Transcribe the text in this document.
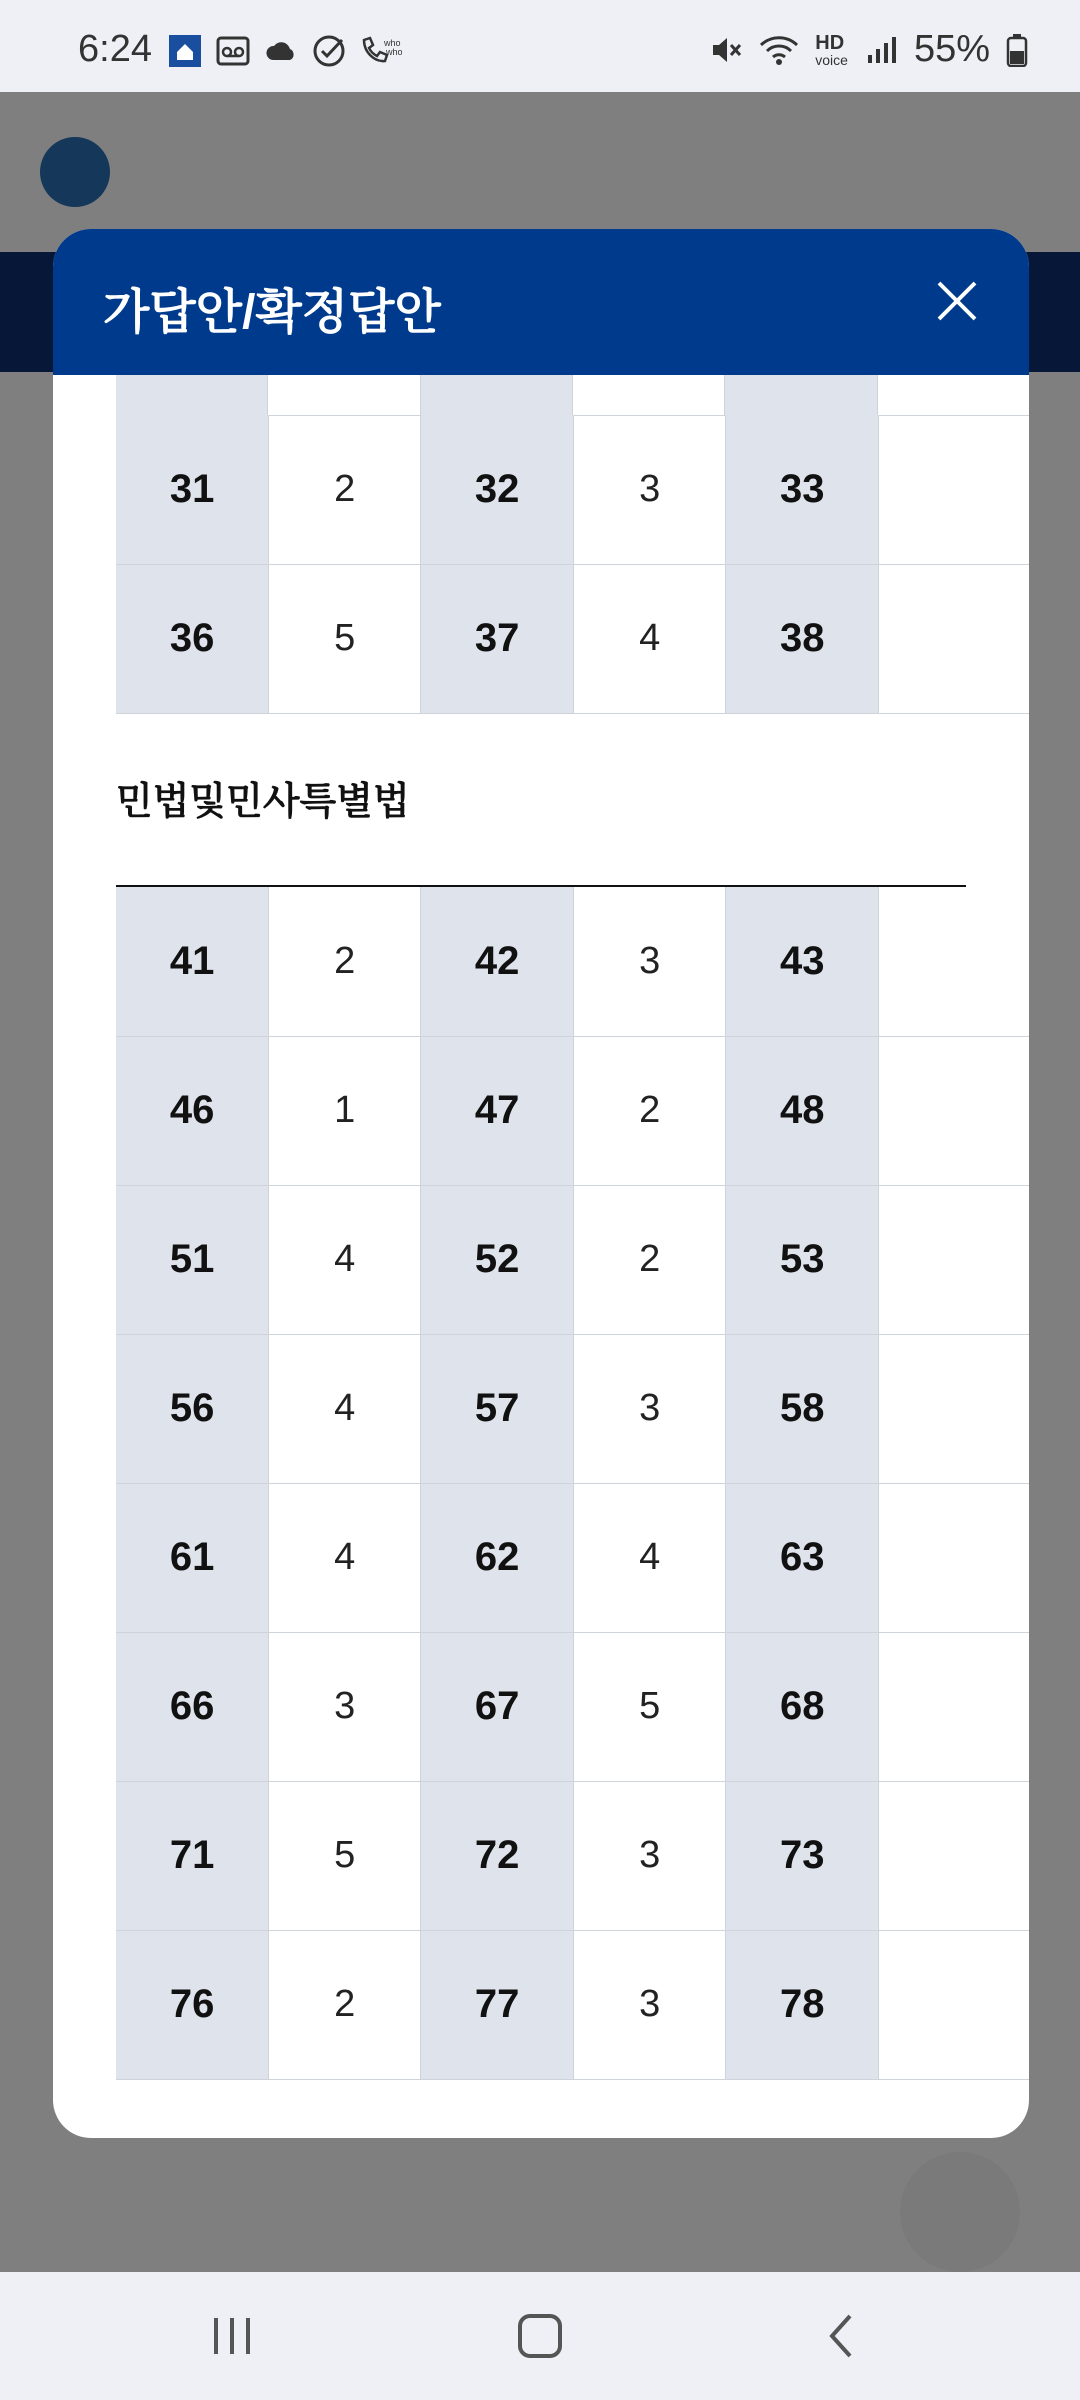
6:24	who
who	HD
voice 55%
가답안/확정답안

31	2	32	3	33	
36	5	37	4	38	
민법및민사특별법
41	2	42	3	43	
46	1	47	2	48	
51	4	52	2	53	
56	4	57	3	58	
61	4	62	4	63	
66	3	67	5	68	
71	5	72	3	73	
76	2	77	3	78	
